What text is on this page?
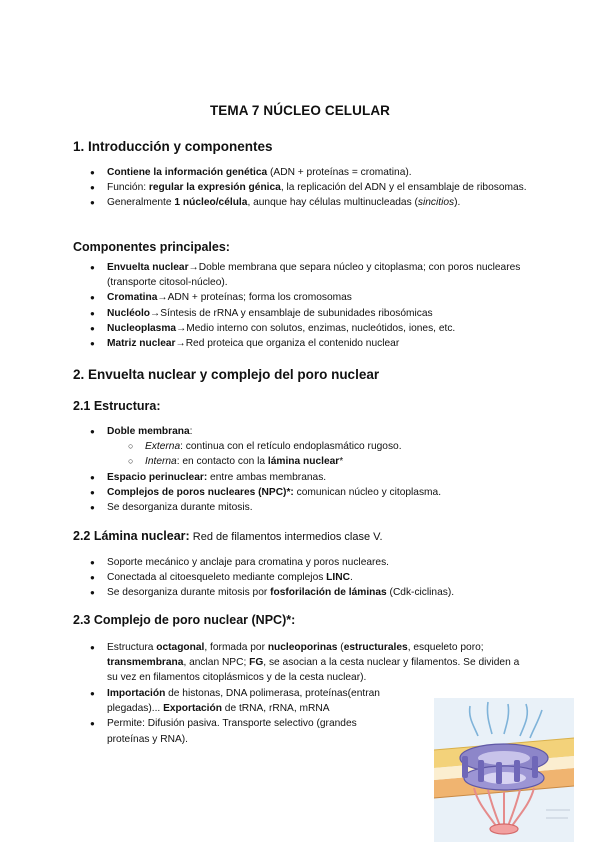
TEMA 7 NÚCLEO CELULAR
1. Introducción y componentes
● Contiene la información genética (ADN + proteínas = cromatina).
● Función: regular la expresión génica, la replicación del ADN y el ensamblaje de ribosomas.
● Generalmente 1 núcleo/célula, aunque hay células multinucleadas (sincitios).
Componentes principales:
● Envuelta nuclear→Doble membrana que separa núcleo y citoplasma; con poros nucleares (transporte citosol-núcleo).
● Cromatina→ADN + proteínas; forma los cromosomas
● Nucléolo→Síntesis de rRNA y ensamblaje de subunidades ribosómicas
● Nucleoplasma→Medio interno con solutos, enzimas, nucleótidos, iones, etc.
● Matriz nuclear→Red proteica que organiza el contenido nuclear
2. Envuelta nuclear y complejo del poro nuclear
2.1 Estructura:
● Doble membrana:
○ Externa: continua con el retículo endoplasmático rugoso.
○ Interna: en contacto con la lámina nuclear*
● Espacio perinuclear: entre ambas membranas.
● Complejos de poros nucleares (NPC)*: comunican núcleo y citoplasma.
● Se desorganiza durante mitosis.
2.2 Lámina nuclear: Red de filamentos intermedios clase V.
● Soporte mecánico y anclaje para cromatina y poros nucleares.
● Conectada al citoesqueleto mediante complejos LINC.
● Se desorganiza durante mitosis por fosforilación de láminas (Cdk-ciclinas).
2.3 Complejo de poro nuclear (NPC)*:
● Estructura octagonal, formada por nucleoporinas (estructurales, esqueleto poro; transmembrana, anclan NPC; FG, se asocian a la cesta nuclear y filamentos. Se dividen a su vez en filamentos citoplásmicos y de la cesta nuclear).
● Importación de histonas, DNA polimerasa, proteínas(entran plegadas)... Exportación de tRNA, rRNA, mRNA
● Permite: Difusión pasiva. Transporte selectivo (grandes proteínas y RNA).
